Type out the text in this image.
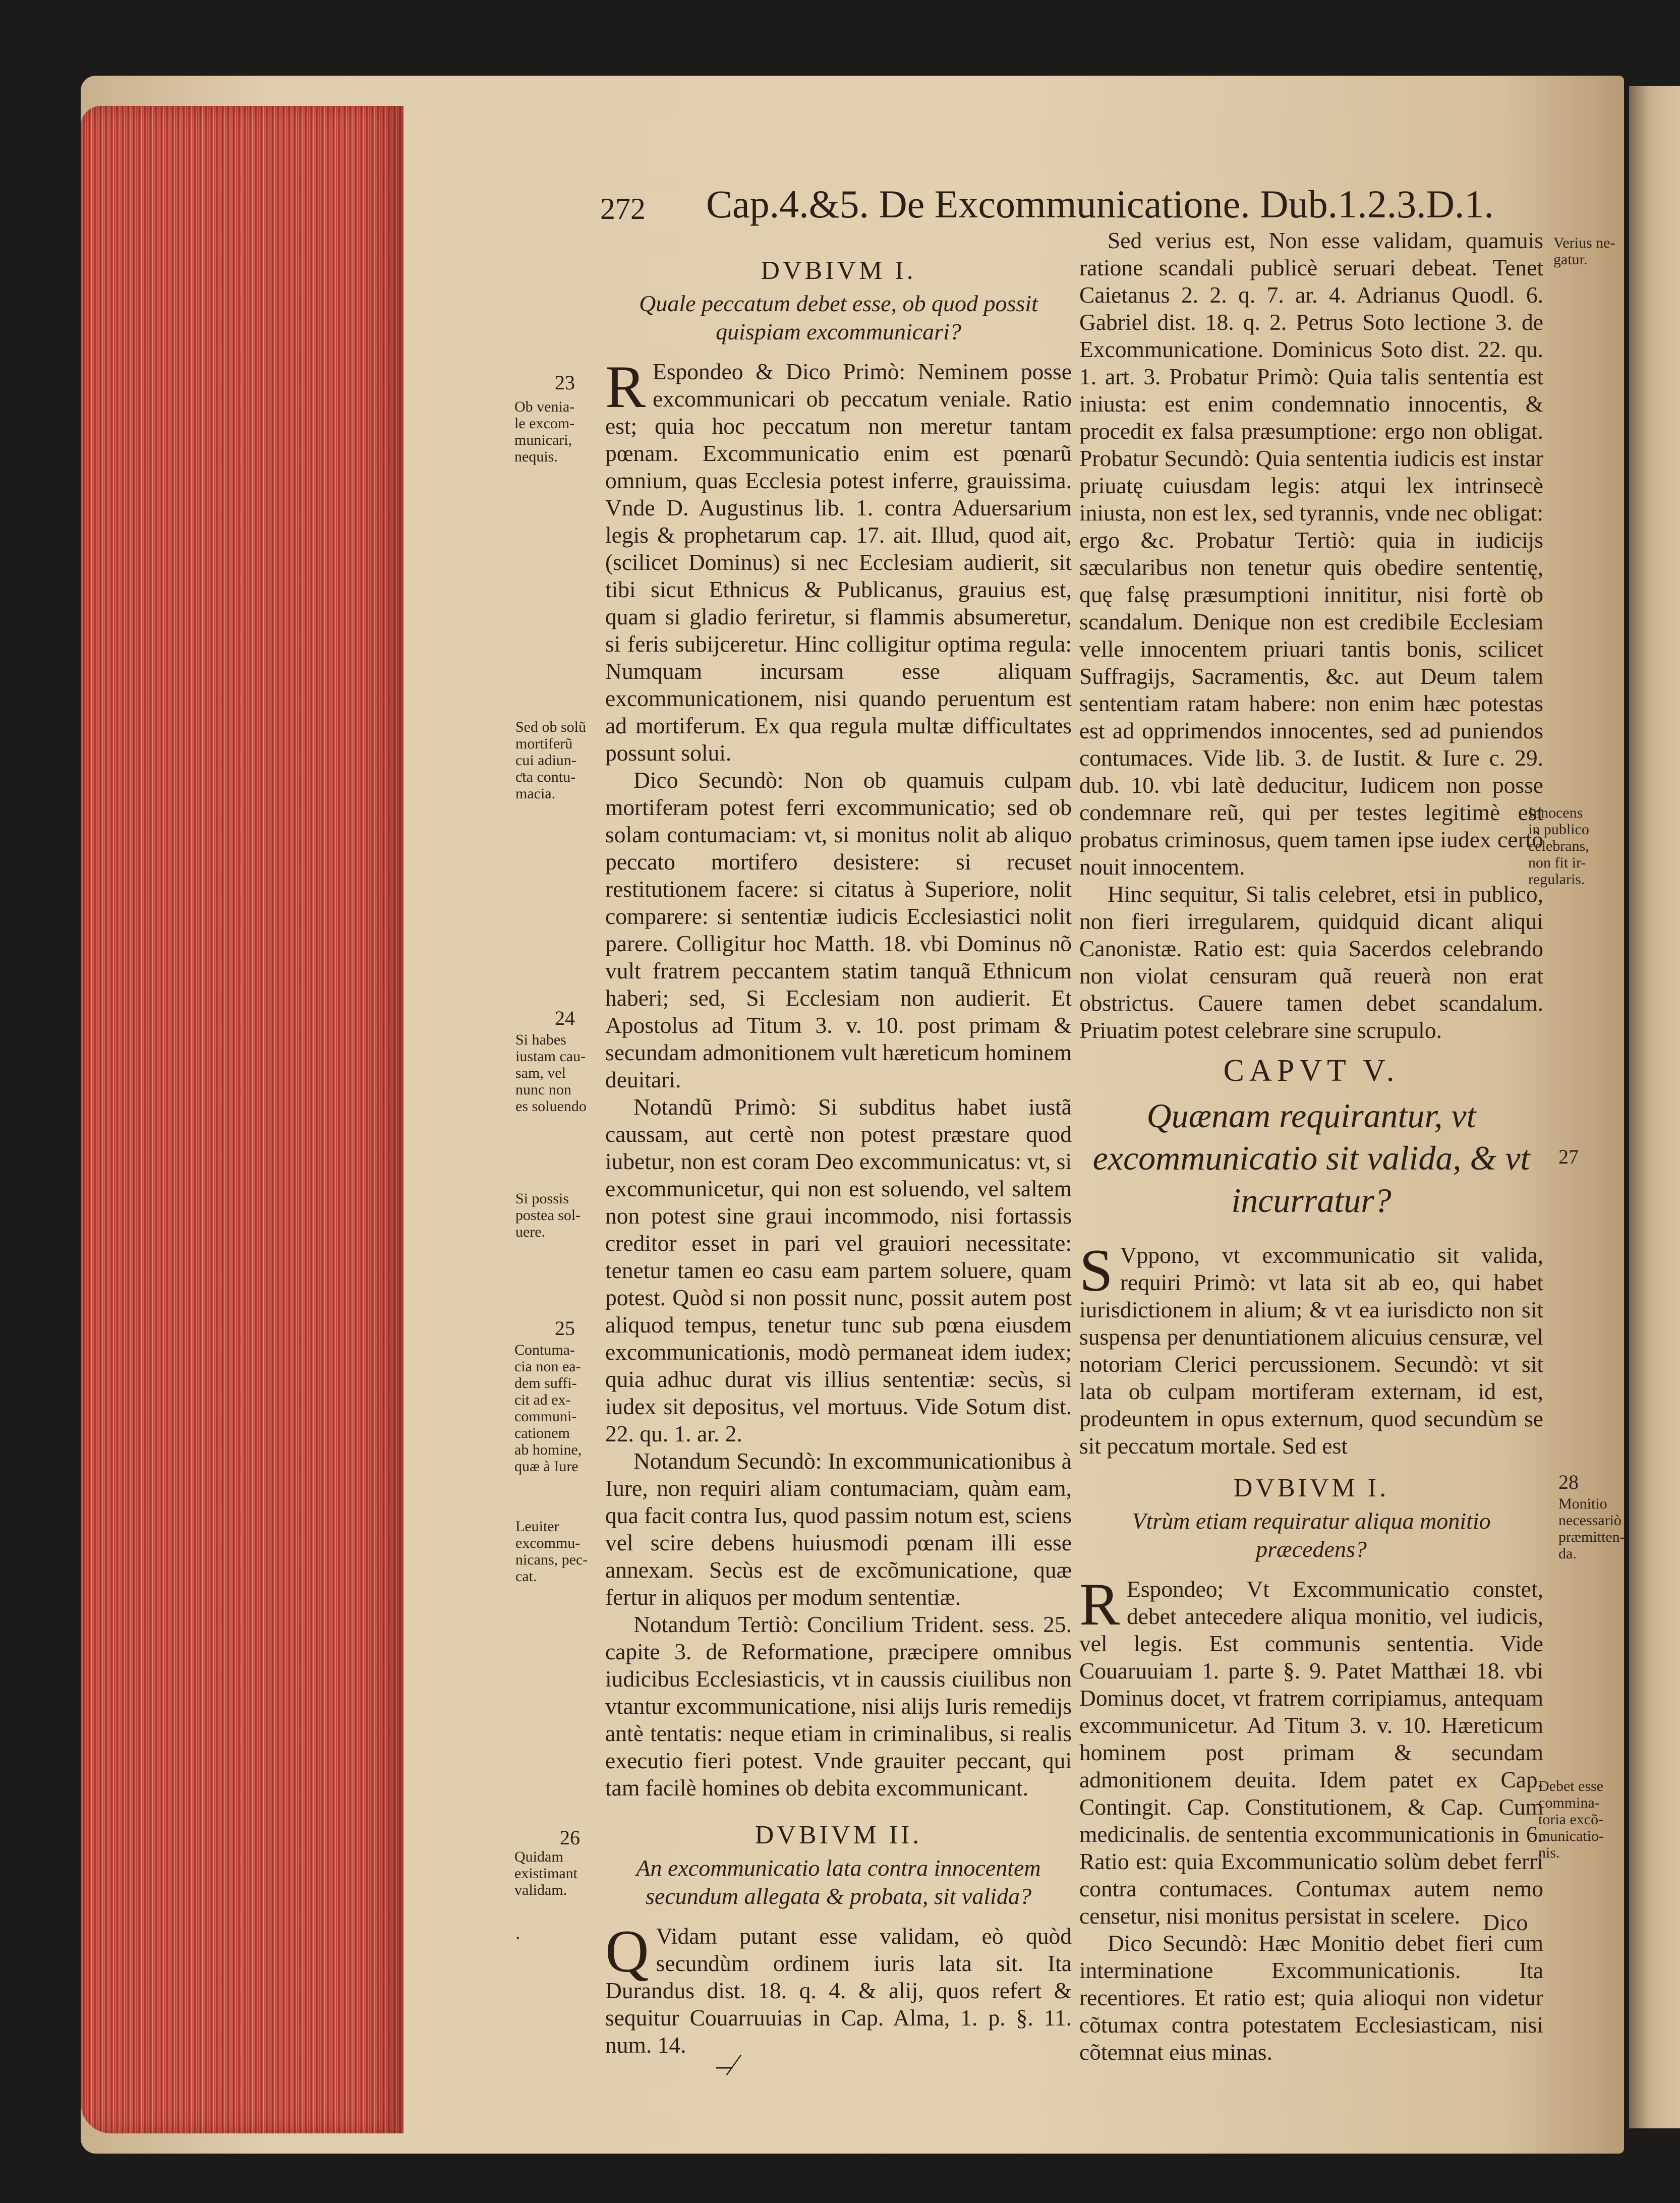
272 Cap.4.&5. De Excommunicatione. Dub.1.2.3.D.1.
DVBIVM I.
Quale peccatum debet esse, ob quod possit quispiam excommunicari?

R Espondeo & Dico Primò: Neminem posse excommunicari ob peccatum veniale. Ratio est; quia hoc peccatum non meretur tantam pœnam. Excommunicatio enim est pœnarũ omnium, quas Ecclesia potest inferre, grauissima. Vnde D. Augustinus lib. 1. contra Aduersarium legis & prophetarum cap. 17. ait. Illud, quod ait, (scilicet Dominus) si nec Ecclesiam audierit, sit tibi sicut Ethnicus & Publicanus, grauius est, quam si gladio feriretur, si flammis absumeretur, si feris subijceretur. Hinc colligitur optima regula: Numquam incursam esse aliquam excommunicationem, nisi quando peruentum est ad mortiferum. Ex qua regula multæ difficultates possunt solui.

Dico Secundò: Non ob quamuis culpam mortiferam potest ferri excommunicatio; sed ob solam contumaciam: vt, si monitus nolit ab aliquo peccato mortifero desistere: si recuset restitutionem facere: si citatus à Superiore, nolit comparere: si sententiæ iudicis Ecclesiastici nolit parere. Colligitur hoc Matth. 18. vbi Dominus nõ vult fratrem peccantem statim tanquã Ethnicum haberi; sed, Si Ecclesiam non audierit. Et Apostolus ad Titum 3. v. 10. post primam & secundam admonitionem vult hæreticum hominem deuitari.

Notandũ Primò: Si subditus habet iustã caussam, aut certè non potest præstare quod iubetur, non est coram Deo excommunicatus: vt, si excommunicetur, qui non est soluendo, vel saltem non potest sine graui incommodo, nisi fortassis creditor esset in pari vel grauiori necessitate: tenetur tamen eo casu eam partem soluere, quam potest. Quòd si non possit nunc, possit autem post aliquod tempus, tenetur tunc sub pœna eiusdem excommunicationis, modò permaneat idem iudex; quia adhuc durat vis illius sententiæ: secùs, si iudex sit depositus, vel mortuus. Vide Sotum dist. 22. qu. 1. ar. 2.

Notandum Secundò: In excommunicationibus à Iure, non requiri aliam contumaciam, quàm eam, qua facit contra Ius, quod passim notum est, sciens vel scire debens huiusmodi pœnam illi esse annexam. Secùs est de excõmunicatione, quæ fertur in aliquos per modum sententiæ.

Notandum Tertiò: Concilium Trident. sess. 25. capite 3. de Reformatione, præcipere omnibus iudicibus Ecclesiasticis, vt in caussis ciuilibus non vtantur excommunicatione, nisi alijs Iuris remedijs antè tentatis: neque etiam in criminalibus, si realis executio fieri potest. Vnde grauiter peccant, qui tam facilè homines ob debita excommunicant.

DVBIVM II.
An excommunicatio lata contra innocentem secundum allegata & probata, sit valida?

Q Vidam putant esse validam, eò quòd secundùm ordinem iuris lata sit. Ita Durandus dist. 18. q. 4. & alij, quos refert & sequitur Couarruuias in Cap. Alma, 1. p. §. 11. num. 14.

Sed verius est, Non esse validam, quamuis ratione scandali publicè seruari debeat. Tenet Caietanus 2. 2. q. 7. ar. 4. Adrianus Quodl. 6. Gabriel dist. 18. q. 2. Petrus Soto lectione 3. de Excommunicatione. Dominicus Soto dist. 22. qu. 1. art. 3. Probatur Primò: Quia talis sententia est iniusta: est enim condemnatio innocentis, & procedit ex falsa præsumptione: ergo non obligat. Probatur Secundò: Quia sententia iudicis est instar priuatę cuiusdam legis: atqui lex intrinsecè iniusta, non est lex, sed tyrannis, vnde nec obligat: ergo &c. Probatur Tertiò: quia in iudicijs sæcularibus non tenetur quis obedire sententię, quę falsę præsumptioni innititur, nisi fortè ob scandalum. Denique non est credibile Ecclesiam velle innocentem priuari tantis bonis, scilicet Suffragijs, Sacramentis, &c. aut Deum talem sententiam ratam habere: non enim hæc potestas est ad opprimendos innocentes, sed ad puniendos contumaces. Vide lib. 3. de Iustit. & Iure c. 29. dub. 10. vbi latè deducitur, Iudicem non posse condemnare reũ, qui per testes legitimè est probatus criminosus, quem tamen ipse iudex certò nouit innocentem.

Hinc sequitur, Si talis celebret, etsi in publico, non fieri irregularem, quidquid dicant aliqui Canonistæ. Ratio est: quia Sacerdos celebrando non violat censuram quã reuerà non erat obstrictus. Cauere tamen debet scandalum. Priuatim potest celebrare sine scrupulo.

CAPVT V.
Quænam requirantur, vt excommunicatio sit valida, & vt incurratur?

S Vppono, vt excommunicatio sit valida, requiri Primò: vt lata sit ab eo, qui habet iurisdictionem in alium; & vt ea iurisdicto non sit suspensa per denuntiationem alicuius censuræ, vel notoriam Clerici percussionem. Secundò: vt sit lata ob culpam mortiferam externam, id est, prodeuntem in opus externum, quod secundùm se sit peccatum mortale. Sed est

DVBIVM I.
Vtrùm etiam requiratur aliqua monitio præcedens?

R Espondeo; Vt Excommunicatio constet, debet antecedere aliqua monitio, vel iudicis, vel legis. Est communis sententia. Vide Couaruuiam 1. parte §. 9. Patet Matthæi 18. vbi Dominus docet, vt fratrem corripiamus, antequam excommunicetur. Ad Titum 3. v. 10. Hæreticum hominem post primam & secundam admonitionem deuita. Idem patet ex Cap. Contingit. Cap. Constitutionem, & Cap. Cum medicinalis. de sententia excommunicationis in 6. Ratio est: quia Excommunicatio solùm debet ferri contra contumaces. Contumax autem nemo censetur, nisi monitus persistat in scelere.

Dico Secundò: Hæc Monitio debet fieri cum interminatione Excommunicationis. Ita recentiores. Et ratio est; quia alioqui non videtur cõtumax contra potestatem Ecclesiasticam, nisi cõtemnat eius minas.

23
Ob venia-
le excom-
municari,
nequis.
Sed ob solũ
mortiferũ
cui adiun-
ƈta contu-
macia.
24
Si habes
iustam cau-
sam, vel
nunc non
es soluendo
Si possis
postea sol-
uere.
25
Contuma-
cia non ea-
dem suffi-
cit ad ex-
communi-
cationem
ab homine,
quæ à Iure
Leuiter
excommu-
nicans, pec-
cat.
26
Quidam
existimant
validam.
Verius ne-
gatur.
Innocens
in publico
celebrans,
non fit ir-
regularis.
27
28
Monitio
necessariò
præmitten-
da.
Debet esse
commina-
toria excõ-
municatio-
nis.
Dico
–⁄
˙
